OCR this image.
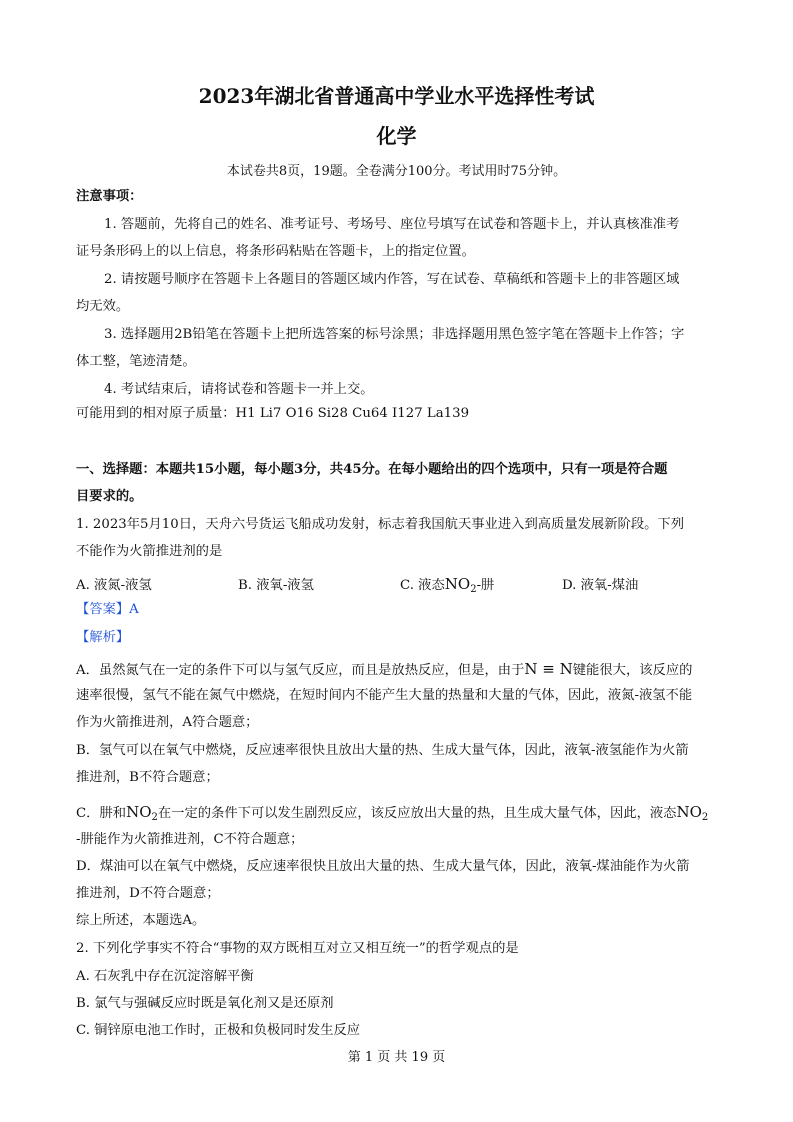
2023年湖北省普通高中学业水平选择性考试
化学
本试卷共8页，19题。全卷满分100分。考试用时75分钟。
注意事项：
1. 答题前，先将自己的姓名、准考证号、考场号、座位号填写在试卷和答题卡上，并认真核准准考
证号条形码上的以上信息，将条形码粘贴在答题卡，上的指定位置。
2. 请按题号顺序在答题卡上各题目的答题区域内作答，写在试卷、草稿纸和答题卡上的非答题区域
均无效。
3. 选择题用2B铅笔在答题卡上把所选答案的标号涂黑；非选择题用黑色签字笔在答题卡上作答；字
体工整，笔迹清楚。
4. 考试结束后，请将试卷和答题卡一并上交。
可能用到的相对原子质量：H1 Li7 O16 Si28 Cu64 I127 La139
一、选择题：本题共15小题，每小题3分，共45分。在每小题给出的四个选项中，只有一项是符合题
目要求的。
1. 2023年5月10日，天舟六号货运飞船成功发射，标志着我国航天事业进入到高质量发展新阶段。下列
不能作为火箭推进剂的是
A. 液氮-液氢	B. 液氧-液氢	C. 液态$NO_2-$肼	D. 液氧-煤油
【答案】A
【解析】
A．虽然氮气在一定的条件下可以与氢气反应，而且是放热反应，但是，由于N ≡ N键能很大，该反应的
速率很慢，氢气不能在氮气中燃烧，在短时间内不能产生大量的热量和大量的气体，因此，液氮-液氢不能
作为火箭推进剂，A符合题意；
B．氢气可以在氧气中燃烧，反应速率很快且放出大量的热、生成大量气体，因此，液氧-液氢能作为火箭
推进剂，B不符合题意；
C．肼和$NO_2$在一定的条件下可以发生剧烈反应，该反应放出大量的热，且生成大量气体，因此，液态$NO_2$
-肼能作为火箭推进剂，C不符合题意；
D．煤油可以在氧气中燃烧，反应速率很快且放出大量的热、生成大量气体，因此，液氧-煤油能作为火箭
推进剂，D不符合题意；
综上所述，本题选A。
2. 下列化学事实不符合“事物的双方既相互对立又相互统一”的哲学观点的是
A. 石灰乳中存在沉淀溶解平衡
B. 氯气与强碱反应时既是氧化剂又是还原剂
C. 铜锌原电池工作时，正极和负极同时发生反应
第 1 页 共 19 页
